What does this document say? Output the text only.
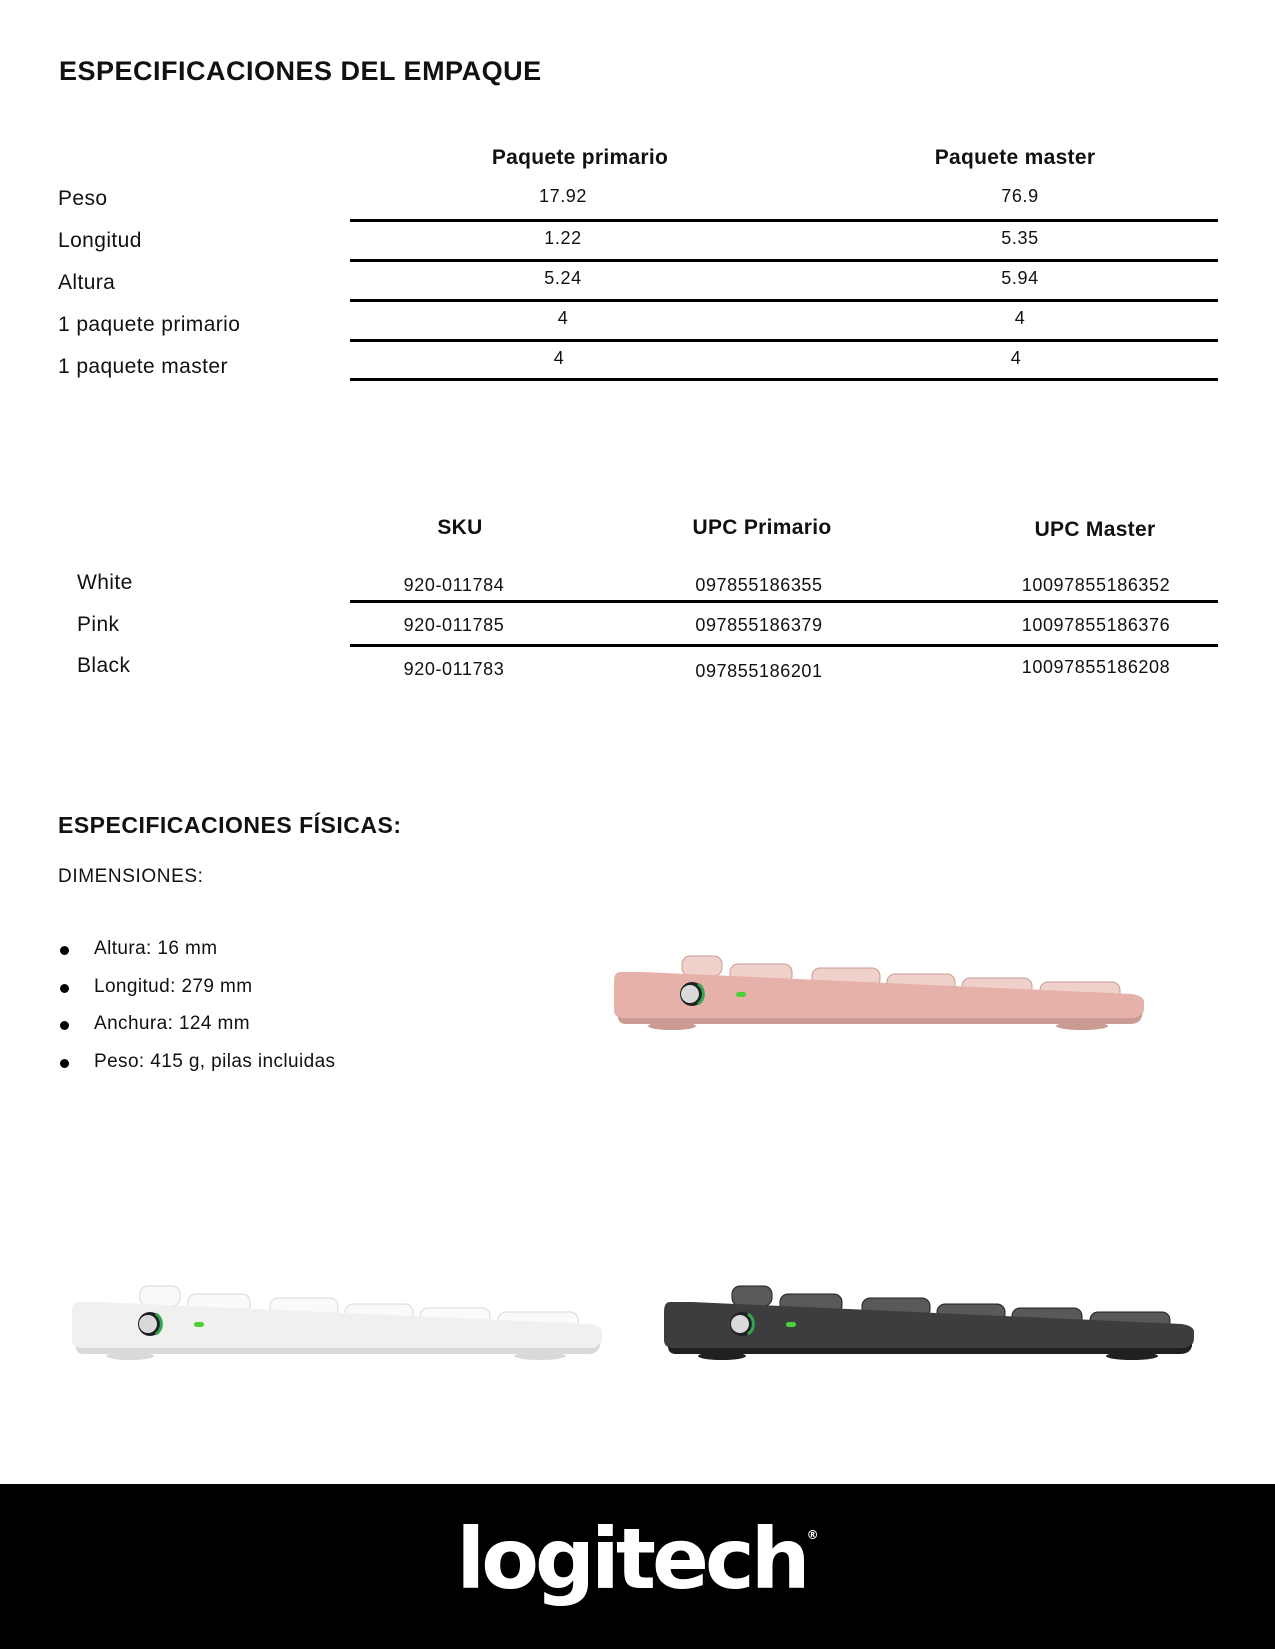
ESPECIFICACIONES DEL EMPAQUE
Paquete primario	Paquete master
Peso	17.92	76.9
Longitud	1.22	5.35
Altura	5.24	5.94
1 paquete primario	4	4
1 paquete master	4	4
SKU	UPC Primario	UPC Master
White	920-011784	097855186355	10097855186352
Pink	920-011785	097855186379	10097855186376
Black	920-011783	097855186201	10097855186208
ESPECIFICACIONES FÍSICAS:
DIMENSIONES:
Altura: 16 mm
Longitud: 279 mm
Anchura: 124 mm
Peso: 415 g, pilas incluidas
logitech®
